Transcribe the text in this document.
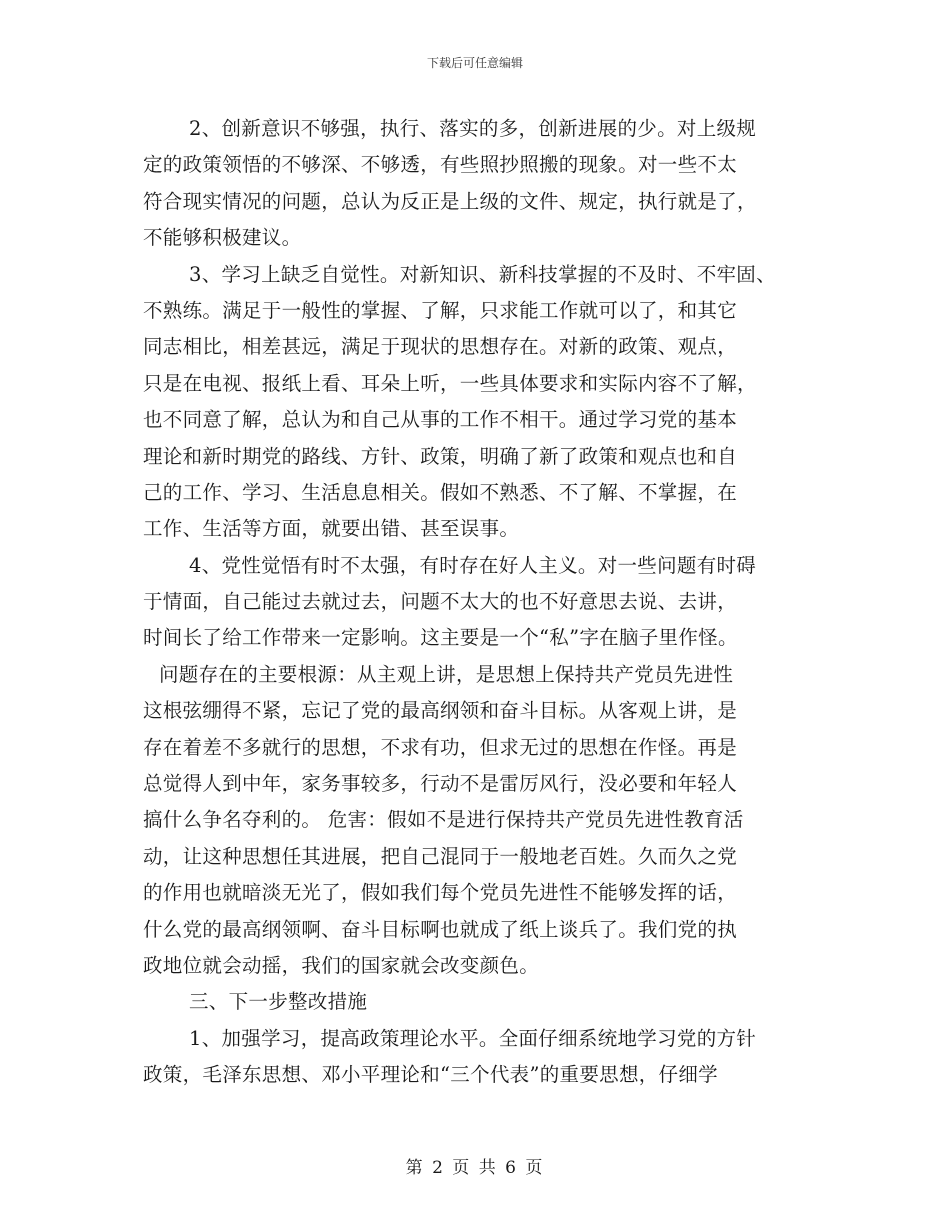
下载后可任意编辑
2、创新意识不够强，执行、落实的多，创新进展的少。对上级规
定的政策领悟的不够深、不够透，有些照抄照搬的现象。对一些不太
符合现实情况的问题，总认为反正是上级的文件、规定，执行就是了，
不能够积极建议。
3、学习上缺乏自觉性。对新知识、新科技掌握的不及时、不牢固、
不熟练。满足于一般性的掌握、了解，只求能工作就可以了，和其它
同志相比，相差甚远，满足于现状的思想存在。对新的政策、观点，
只是在电视、报纸上看、耳朵上听，一些具体要求和实际内容不了解，
也不同意了解，总认为和自己从事的工作不相干。通过学习党的基本
理论和新时期党的路线、方针、政策，明确了新了政策和观点也和自
己的工作、学习、生活息息相关。假如不熟悉、不了解、不掌握，在
工作、生活等方面，就要出错、甚至误事。
4、党性觉悟有时不太强，有时存在好人主义。对一些问题有时碍
于情面，自己能过去就过去，问题不太大的也不好意思去说、去讲，
时间长了给工作带来一定影响。这主要是一个“私”字在脑子里作怪。
问题存在的主要根源：从主观上讲，是思想上保持共产党员先进性
这根弦绷得不紧，忘记了党的最高纲领和奋斗目标。从客观上讲，是
存在着差不多就行的思想，不求有功，但求无过的思想在作怪。再是
总觉得人到中年，家务事较多，行动不是雷厉风行，没必要和年轻人
搞什么争名夺利的。 危害：假如不是进行保持共产党员先进性教育活
动，让这种思想任其进展，把自己混同于一般地老百姓。久而久之党
的作用也就暗淡无光了，假如我们每个党员先进性不能够发挥的话，
什么党的最高纲领啊、奋斗目标啊也就成了纸上谈兵了。我们党的执
政地位就会动摇，我们的国家就会改变颜色。
三、下一步整改措施
1、加强学习，提高政策理论水平。全面仔细系统地学习党的方针
政策，毛泽东思想、邓小平理论和“三个代表”的重要思想，仔细学
第 2 页 共 6 页
